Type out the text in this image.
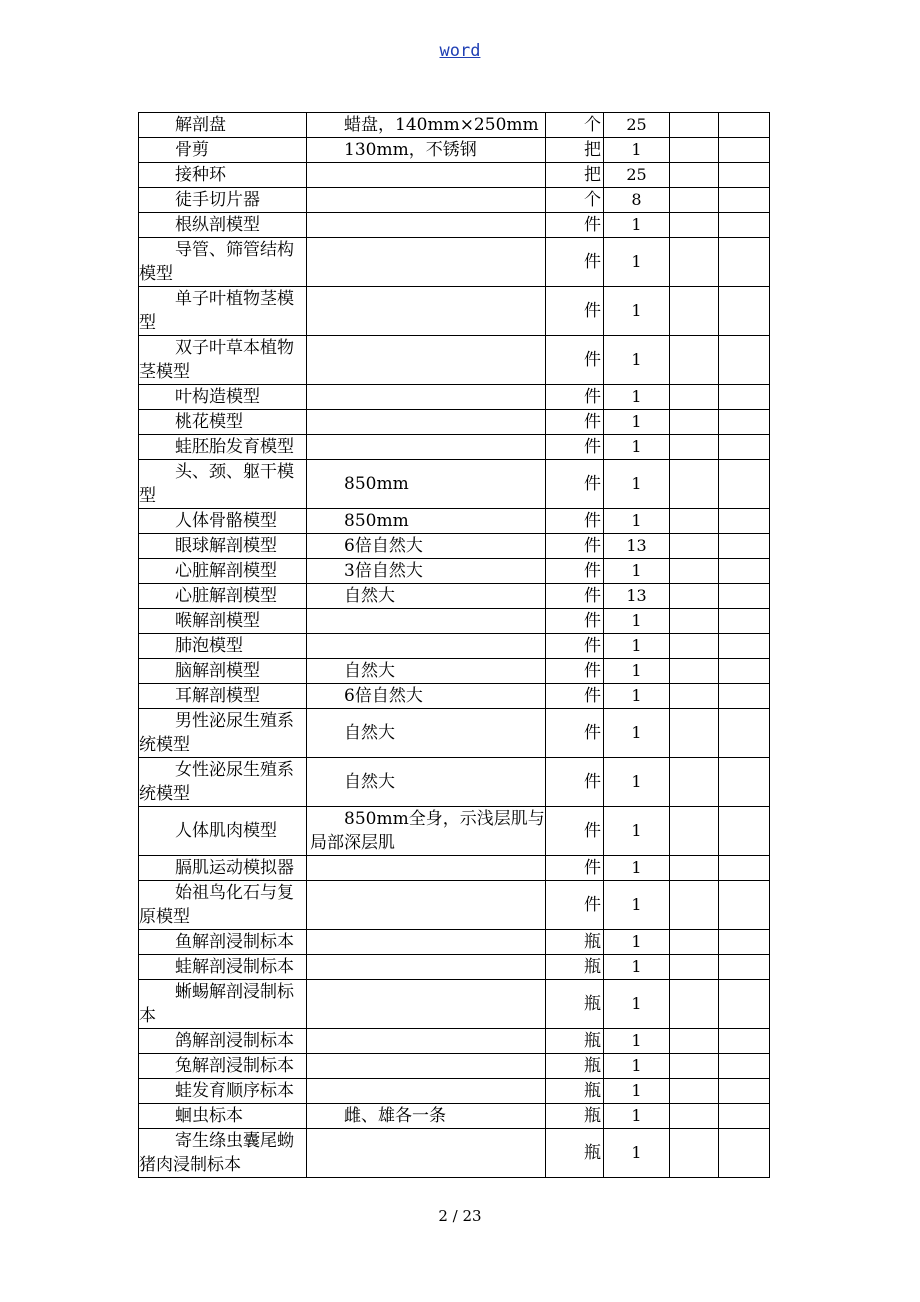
word
解剖盘	蜡盘，140mm×250mm	个	25		
骨剪	130mm，不锈钢	把	1		
接种环		把	25		
徒手切片器		个	8		
根纵剖模型		件	1		
导管、筛管结构模型		件	1		
单子叶植物茎模型		件	1		
双子叶草本植物茎模型		件	1		
叶构造模型		件	1		
桃花模型		件	1		
蛙胚胎发育模型		件	1		
头、颈、躯干模型	850mm	件	1		
人体骨骼模型	850mm	件	1		
眼球解剖模型	6倍自然大	件	13		
心脏解剖模型	3倍自然大	件	1		
心脏解剖模型	自然大	件	13		
喉解剖模型		件	1		
肺泡模型		件	1		
脑解剖模型	自然大	件	1		
耳解剖模型	6倍自然大	件	1		
男性泌尿生殖系统模型	自然大	件	1		
女性泌尿生殖系统模型	自然大	件	1		
人体肌肉模型	850mm全身，示浅层肌与局部深层肌	件	1		
膈肌运动模拟器		件	1		
始祖鸟化石与复原模型		件	1		
鱼解剖浸制标本		瓶	1		
蛙解剖浸制标本		瓶	1		
蜥蜴解剖浸制标本		瓶	1		
鸽解剖浸制标本		瓶	1		
兔解剖浸制标本		瓶	1		
蛙发育顺序标本		瓶	1		
蛔虫标本	雌、雄各一条	瓶	1		
寄生绦虫囊尾蚴猪肉浸制标本		瓶	1		
2 / 23
